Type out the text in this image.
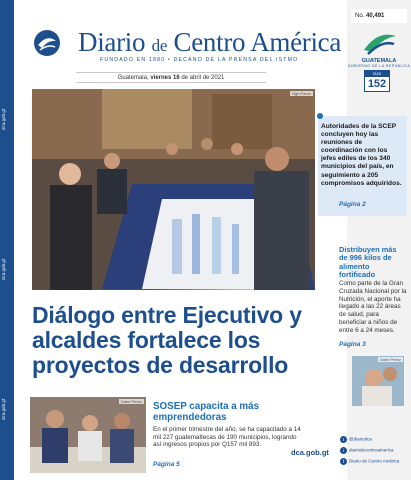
dca.gob.gt
dca.gob.gt
dca.gob.gt
Diario de Centro América
FUNDADO EN 1880 • DECANO DE LA PRENSA DEL ISTMO
Guatemala, viernes 16 de abril de 2021
No. 40,491
GUATEMALA
GOBIERNO DE LA REPÚBLICA
DÍAS
152
Hgb Pérez
Autoridades de la SCEP concluyen hoy las reuniones de coordinación con los jefes ediles de los 340 municipios del país, en seguimiento a 205 compromisos adquiridos.
Página 2
Distribuyen más de 996 kilos de alimento fortificado
Como parte de la Gran Cruzada Nacional por la Nutrición, el aporte ha llegado a las 22 áreas de salud, para beneficiar a niños de entre 6 a 24 meses.
Página 3
Dahe Pérez
Diálogo entre Ejecutivo y alcaldes fortalece los proyectos de desarrollo
Dahe Pérez SOSEP capacita a más emprendedoras
En el primer trimestre del año, se ha capacitado a 14 mil 227 guatemaltecas de 190 municipios, logrando así ingresos propios por Q157 mil 893.
Página 5
dca.gob.gt
t @diariodca
i diariodecentroamerica
f Diario de Centro América
